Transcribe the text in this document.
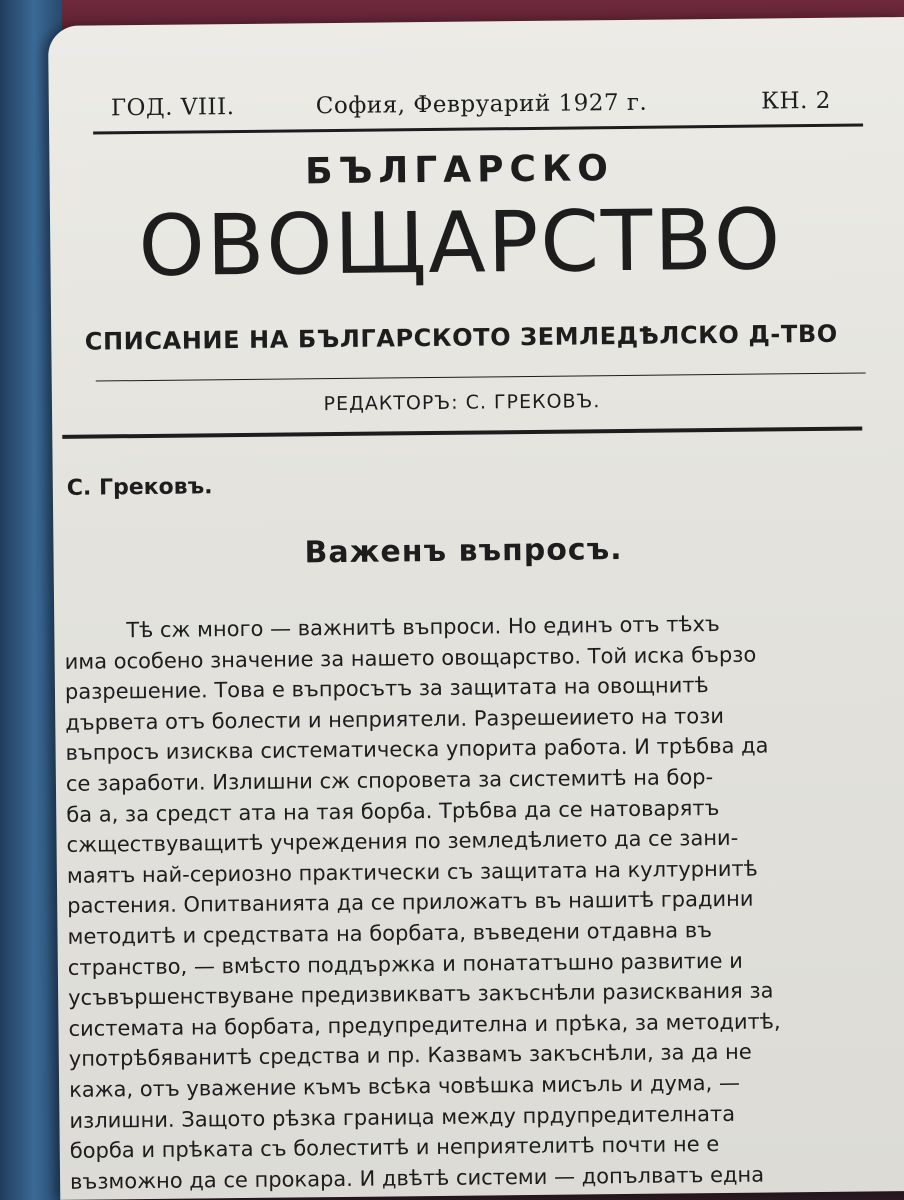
ГОД. VIII.	София, Февруарий 1927 г.	КН. 2
БЪЛГАРСКО
ОВОЩАРСТВО
СПИСАНИЕ НА БЪЛГАРСКОТО ЗЕМЛЕДѢЛСКО Д-ТВО
РЕДАКТОРЪ: С. ГРЕКОВЪ.
С. Грековъ.
Важенъ въпросъ.
Тѣ сж много — важнитѣ въпроси. Но единъ отъ тѣхъ
има особено значение за нашето овощарство. Той иска бързо
разрешение. Това е въпросътъ за защитата на овощнитѣ
дървета отъ болести и неприятели. Разрешеиието на този
въпросъ изисква систематическа упорита работа. И трѣбва да
се заработи. Излишни сж споровета за системитѣ на бор-
ба а, за средст ата на тая борба. Трѣбва да се натоварятъ
сжществуващитѣ учреждения по земледѣлието да се зани-
маятъ най-сериозно практически съ защитата на културнитѣ
растения. Опитванията да се приложатъ въ нашитѣ градини
методитѣ и средствата на борбата, въведени отдавна въ
странство, — вмѣсто поддържка и понататъшно развитие и
усъвършенствуване предизвикватъ закъснѣли разисквания за
системата на борбата, предупредителна и прѣка, за методитѣ,
употрѣбяванитѣ средства и пр. Казвамъ закъснѣли, за да не
кажа, отъ уважение къмъ всѣка човѣшка мисъль и дума, —
излишни. Защото рѣзка граница между прдупредителната
борба и прѣката съ болеститѣ и неприятелитѣ почти не е
възможно да се прокара. И двѣтѣ системи — допълватъ една
